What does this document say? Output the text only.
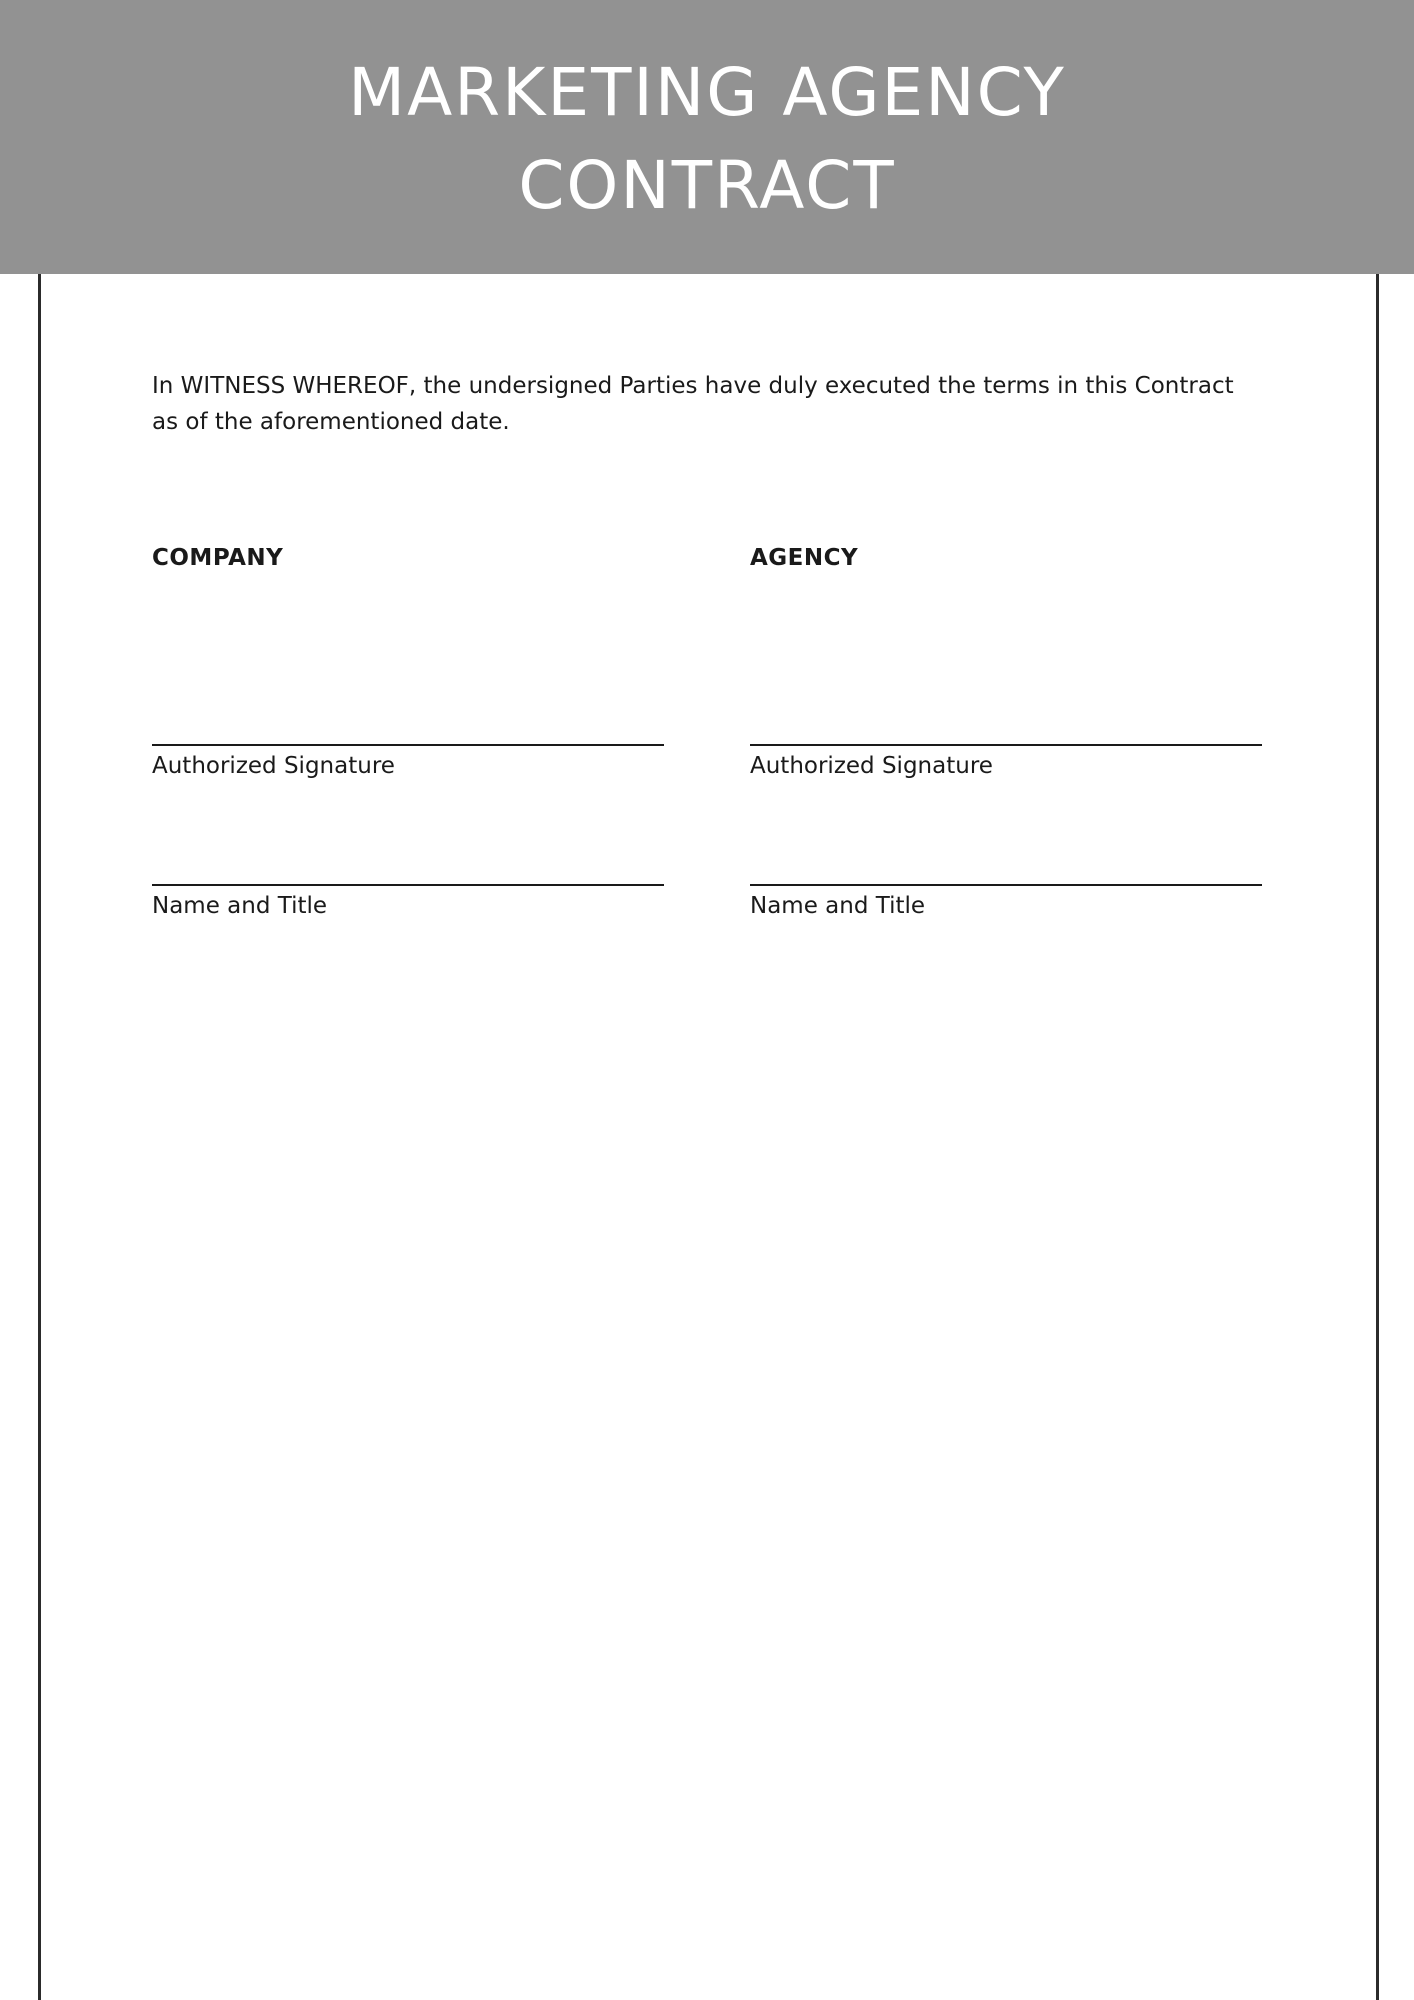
MARKETING AGENCY
CONTRACT

In WITNESS WHEREOF, the undersigned Parties have duly executed the terms in this Contract as of the aforementioned date.

COMPANY

Authorized Signature

Name and Title

AGENCY

Authorized Signature

Name and Title
